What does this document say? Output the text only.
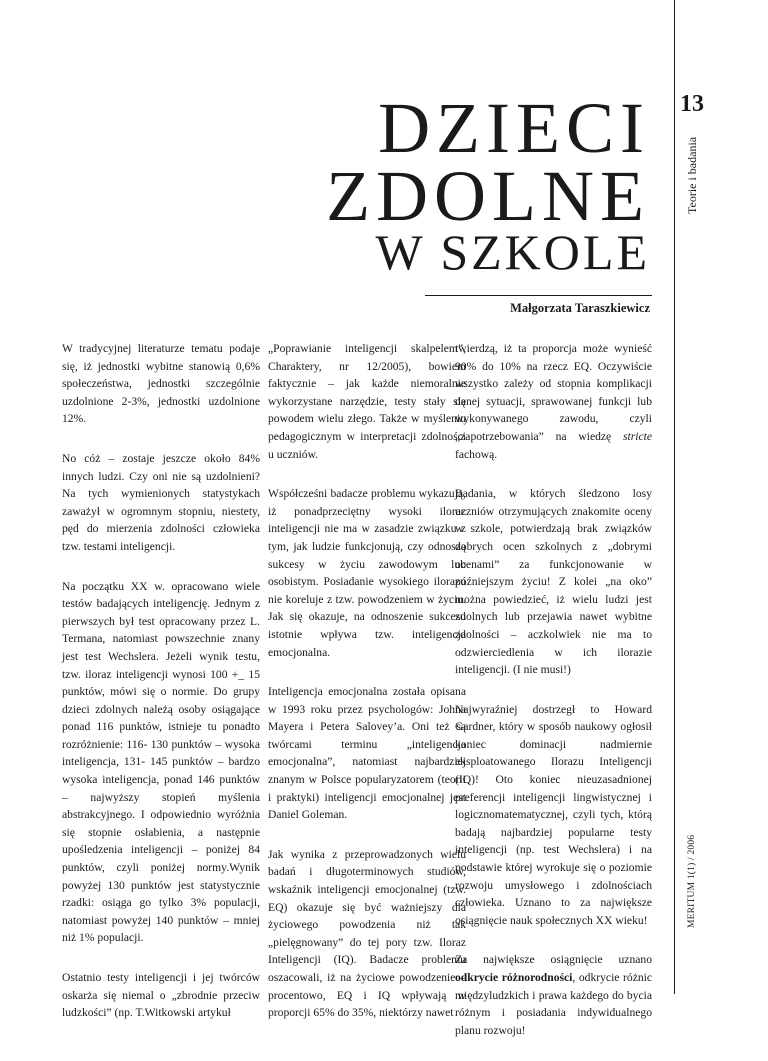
DZIECI
ZDOLNE
W SZKOLE
Małgorzata Taraszkiewicz
13
Teorie i badania
MERITUM 1(1) / 2006

W tradycyjnej literaturze tematu podaje się, iż jednostki wybitne stanowią 0,6% społeczeństwa, jednostki szczególnie uzdolnione 2-3%, jednostki uzdolnione 12%.

No cóż – zostaje jeszcze około 84% innych ludzi. Czy oni nie są uzdolnieni? Na tych wymienionych statystykach zaważył w ogromnym stopniu, niestety, pęd do mierzenia zdolności człowieka tzw. testami inteligencji.

Na początku XX w. opracowano wiele testów badających inteligencję. Jednym z pierwszych był test opracowany przez L. Termana, natomiast powszechnie znany jest test Wechslera. Jeżeli wynik testu, tzw. iloraz inteligencji wynosi 100 +_ 15 punktów, mówi się o normie. Do grupy dzieci zdolnych należą osoby osiągające ponad 116 punktów, istnieje tu ponadto rozróżnienie: 116- 130 punktów – wysoka inteligencja, 131- 145 punktów – bardzo wysoka inteligencja, ponad 146 punktów – najwyższy stopień myślenia abstrakcyjnego. I odpowiednio wyróżnia się stopnie osłabienia, a następnie upośledzenia inteligencji – poniżej 84 punktów, czyli poniżej normy.Wynik powyżej 130 punktów jest statystycznie rzadki: osiąga go tylko 3% populacji, natomiast powyżej 140 punktów – mniej niż 1% populacji.

Ostatnio testy inteligencji i jej twórców oskarża się niemal o „zbrodnie przeciw ludzkości” (np. T.Witkowski artykuł

„Poprawianie inteligencji skalpelem”, Charaktery, nr 12/2005), bowiem faktycznie – jak każde niemoralnie wykorzystane narzędzie, testy stały się powodem wielu złego. Także w myśleniu pedagogicznym w interpretacji zdolności u uczniów.

Współcześni badacze problemu wykazują, iż ponadprzeciętny wysoki iloraz inteligencji nie ma w zasadzie związku z tym, jak ludzie funkcjonują, czy odnoszą sukcesy w życiu zawodowym lub osobistym. Posiadanie wysokiego ilorazu nie koreluje z tzw. powodzeniem w życiu. Jak się okazuje, na odnoszenie sukcesu istotnie wpływa tzw. inteligencja emocjonalna.

Inteligencja emocjonalna została opisana w 1993 roku przez psychologów: Johna Mayera i Petera Salovey’a. Oni też są twórcami terminu „inteligencja emocjonalna”, natomiast najbardziej znanym w Polsce popularyzatorem (teorii i praktyki) inteligencji emocjonalnej jest Daniel Goleman.

Jak wynika z przeprowadzonych wielu badań i długoterminowych studiów, wskaźnik inteligencji emocjonalnej (tzw. EQ) okazuje się być ważniejszy dla życiowego powodzenia niż tak „pielęgnowany” do tej pory tzw. Iloraz Inteligencji (IQ). Badacze problemu oszacowali, iż na życiowe powodzenie – procentowo, EQ i IQ wpływają w proporcji 65% do 35%, niektórzy nawet

twierdzą, iż ta proporcja może wynieść 90% do 10% na rzecz EQ. Oczywiście wszystko zależy od stopnia komplikacji danej sytuacji, sprawowanej funkcji lub wykonywanego zawodu, czyli „zapotrzebowania” na wiedzę stricte fachową.

Badania, w których śledzono losy uczniów otrzymujących znakomite oceny w szkole, potwierdzają brak związków dobrych ocen szkolnych z „dobrymi ocenami” za funkcjonowanie w późniejszym życiu! Z kolei „na oko” można powiedzieć, iż wielu ludzi jest zdolnych lub przejawia nawet wybitne zdolności – aczkolwiek nie ma to odzwierciedlenia w ich ilorazie inteligencji. (I nie musi!)

Najwyraźniej dostrzegł to Howard Gardner, który w sposób naukowy ogłosił koniec dominacji nadmiernie eksploatowanego Ilorazu Inteligencji (IQ)! Oto koniec nieuzasadnionej preferencji inteligencji lingwistycznej i logicznomatematycznej, czyli tych, którą badają najbardziej popularne testy inteligencji (np. test Wechslera) i na podstawie której wyrokuje się o poziomie rozwoju umysłowego i zdolnościach człowieka. Uznano to za największe osiągnięcie nauk społecznych XX wieku!

Za największe osiągnięcie uznano odkrycie różnorodności, odkrycie różnic międzyludzkich i prawa każdego do bycia różnym i posiadania indywidualnego planu rozwoju!
